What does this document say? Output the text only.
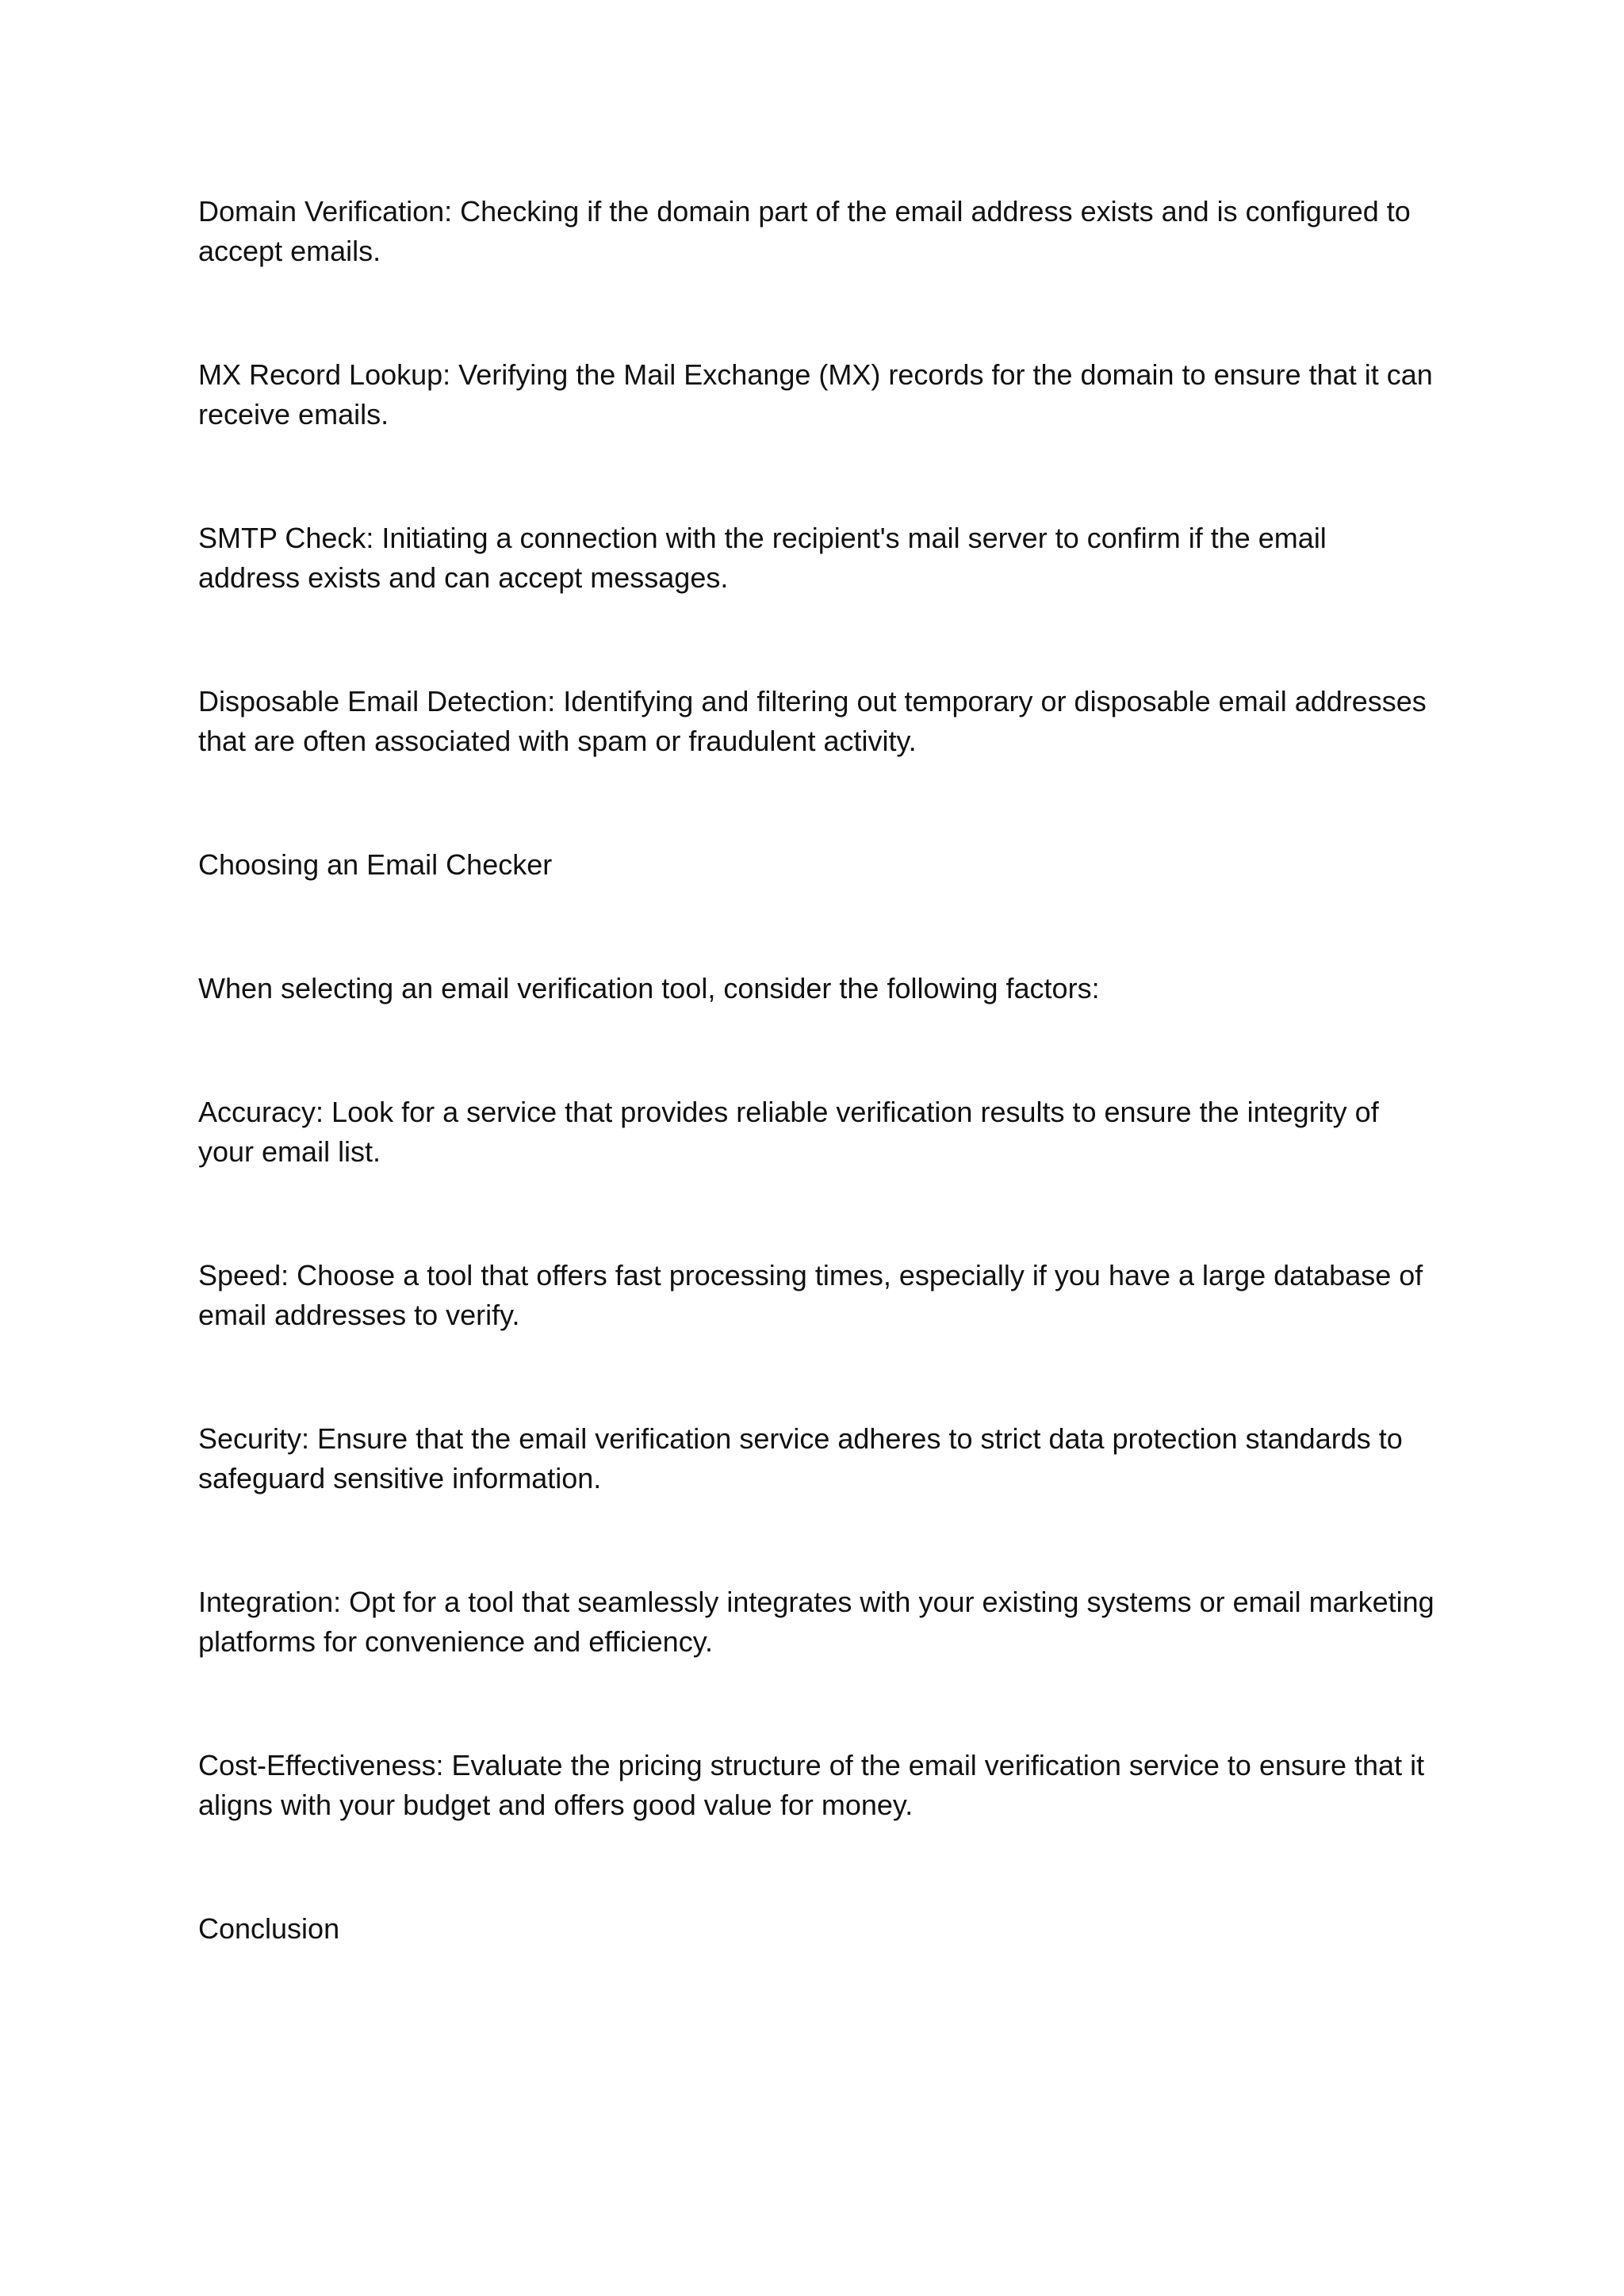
Domain Verification: Checking if the domain part of the email address exists and is configured to accept emails.

MX Record Lookup: Verifying the Mail Exchange (MX) records for the domain to ensure that it can receive emails.

SMTP Check: Initiating a connection with the recipient's mail server to confirm if the email address exists and can accept messages.

Disposable Email Detection: Identifying and filtering out temporary or disposable email addresses that are often associated with spam or fraudulent activity.

Choosing an Email Checker

When selecting an email verification tool, consider the following factors:

Accuracy: Look for a service that provides reliable verification results to ensure the integrity of your email list.

Speed: Choose a tool that offers fast processing times, especially if you have a large database of email addresses to verify.

Security: Ensure that the email verification service adheres to strict data protection standards to safeguard sensitive information.

Integration: Opt for a tool that seamlessly integrates with your existing systems or email marketing platforms for convenience and efficiency.

Cost-Effectiveness: Evaluate the pricing structure of the email verification service to ensure that it aligns with your budget and offers good value for money.

Conclusion
